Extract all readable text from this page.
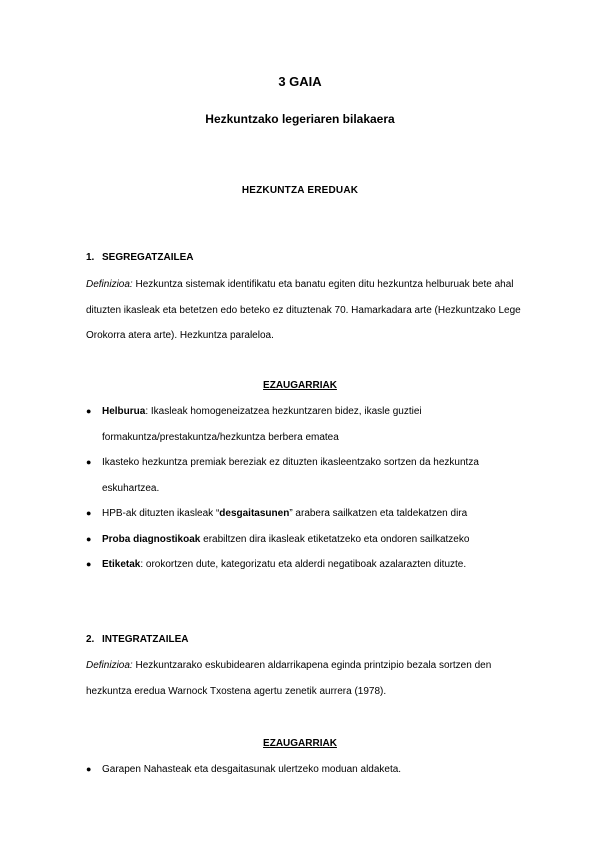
3 GAIA
Hezkuntzako legeriaren bilakaera
HEZKUNTZA EREDUAK
1. SEGREGATZAILEA
Definizioa: Hezkuntza sistemak identifikatu eta banatu egiten ditu hezkuntza helburuak bete ahal dituzten ikasleak eta betetzen edo beteko ez dituztenak 70. Hamarkadara arte (Hezkuntzako Lege Orokorra atera arte). Hezkuntza paraleloa.
EZAUGARRIAK
●	Helburua: Ikasleak homogeneizatzea hezkuntzaren bidez, ikasle guztiei formakuntza/prestakuntza/hezkuntza berbera ematea
●	Ikasteko hezkuntza premiak bereziak ez dituzten ikasleentzako sortzen da hezkuntza eskuhartzea.
●	HPB-ak dituzten ikasleak “desgaitasunen” arabera sailkatzen eta taldekatzen dira
●	Proba diagnostikoak erabiltzen dira ikasleak etiketatzeko eta ondoren sailkatzeko
●	Etiketak: orokortzen dute, kategorizatu eta alderdi negatiboak azalarazten dituzte.
2. INTEGRATZAILEA
Definizioa: Hezkuntzarako eskubidearen aldarrikapena eginda printzipio bezala sortzen den hezkuntza eredua Warnock Txostena agertu zenetik aurrera (1978).
EZAUGARRIAK
●	Garapen Nahasteak eta desgaitasunak ulertzeko moduan aldaketa.
